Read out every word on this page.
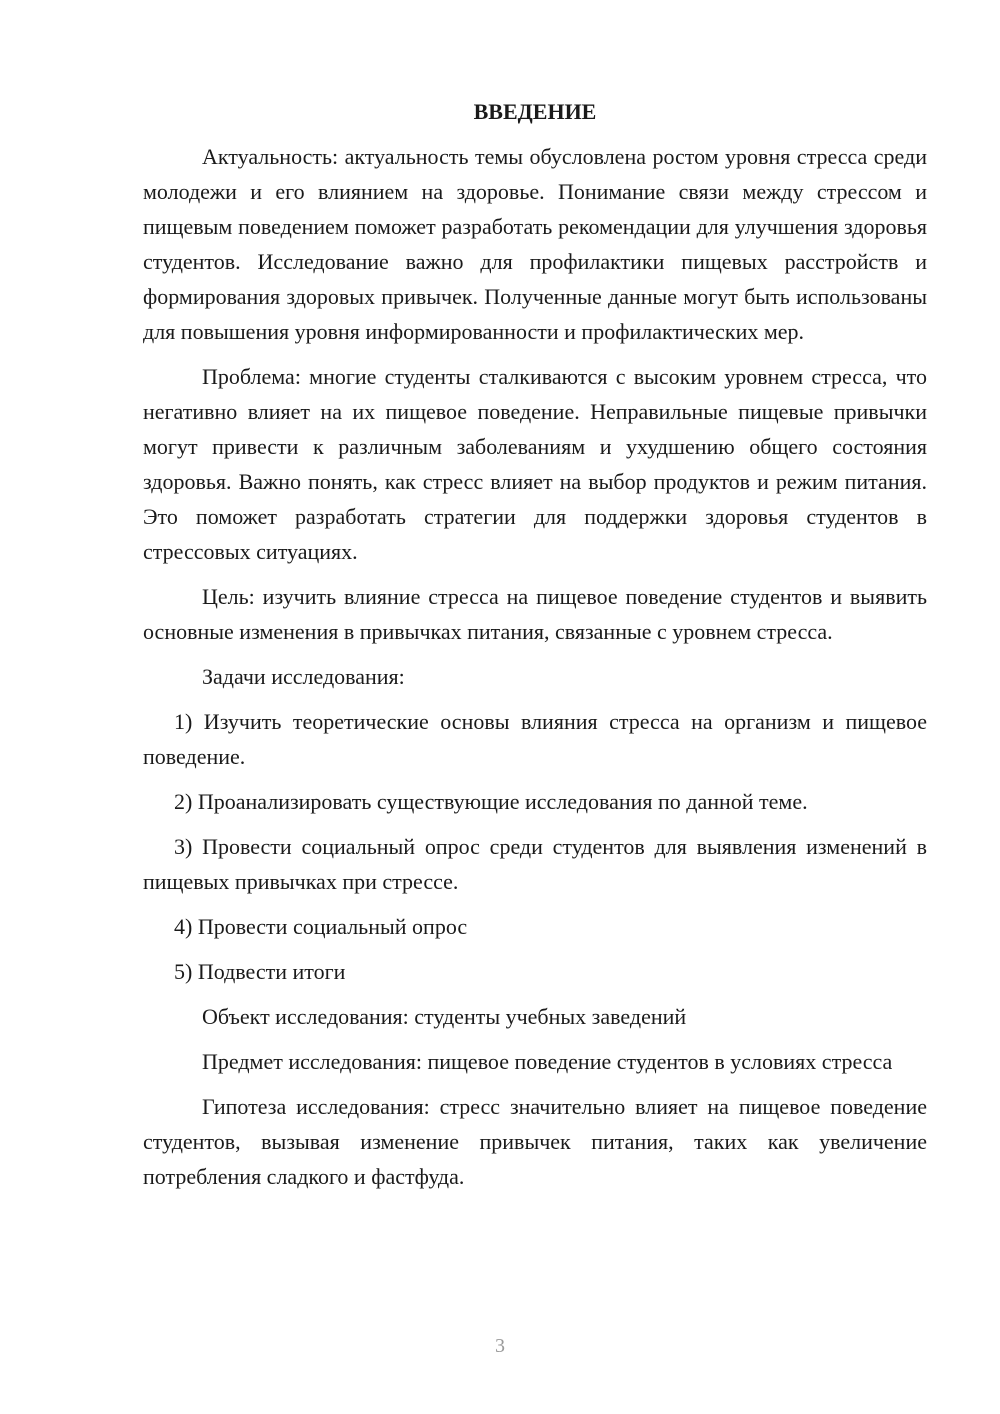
ВВЕДЕНИЕ

Актуальность: актуальность темы обусловлена ростом уровня стресса среди молодежи и его влиянием на здоровье. Понимание связи между стрессом и пищевым поведением поможет разработать рекомендации для улучшения здоровья студентов. Исследование важно для профилактики пищевых расстройств и формирования здоровых привычек. Полученные данные могут быть использованы для повышения уровня информированности и профилактических мер.

Проблема: многие студенты сталкиваются с высоким уровнем стресса, что негативно влияет на их пищевое поведение. Неправильные пищевые привычки могут привести к различным заболеваниям и ухудшению общего состояния здоровья. Важно понять, как стресс влияет на выбор продуктов и режим питания. Это поможет разработать стратегии для поддержки здоровья студентов в стрессовых ситуациях.

Цель: изучить влияние стресса на пищевое поведение студентов и выявить основные изменения в привычках питания, связанные с уровнем стресса.

Задачи исследования:

1) Изучить теоретические основы влияния стресса на организм и пищевое поведение.

2) Проанализировать существующие исследования по данной теме.

3) Провести социальный опрос среди студентов для выявления изменений в пищевых привычках при стрессе.

4) Провести социальный опрос

5) Подвести итоги

Объект исследования: студенты учебных заведений

Предмет исследования: пищевое поведение студентов в условиях стресса

Гипотеза исследования: стресс значительно влияет на пищевое поведение студентов, вызывая изменение привычек питания, таких как увеличение потребления сладкого и фастфуда.

3
